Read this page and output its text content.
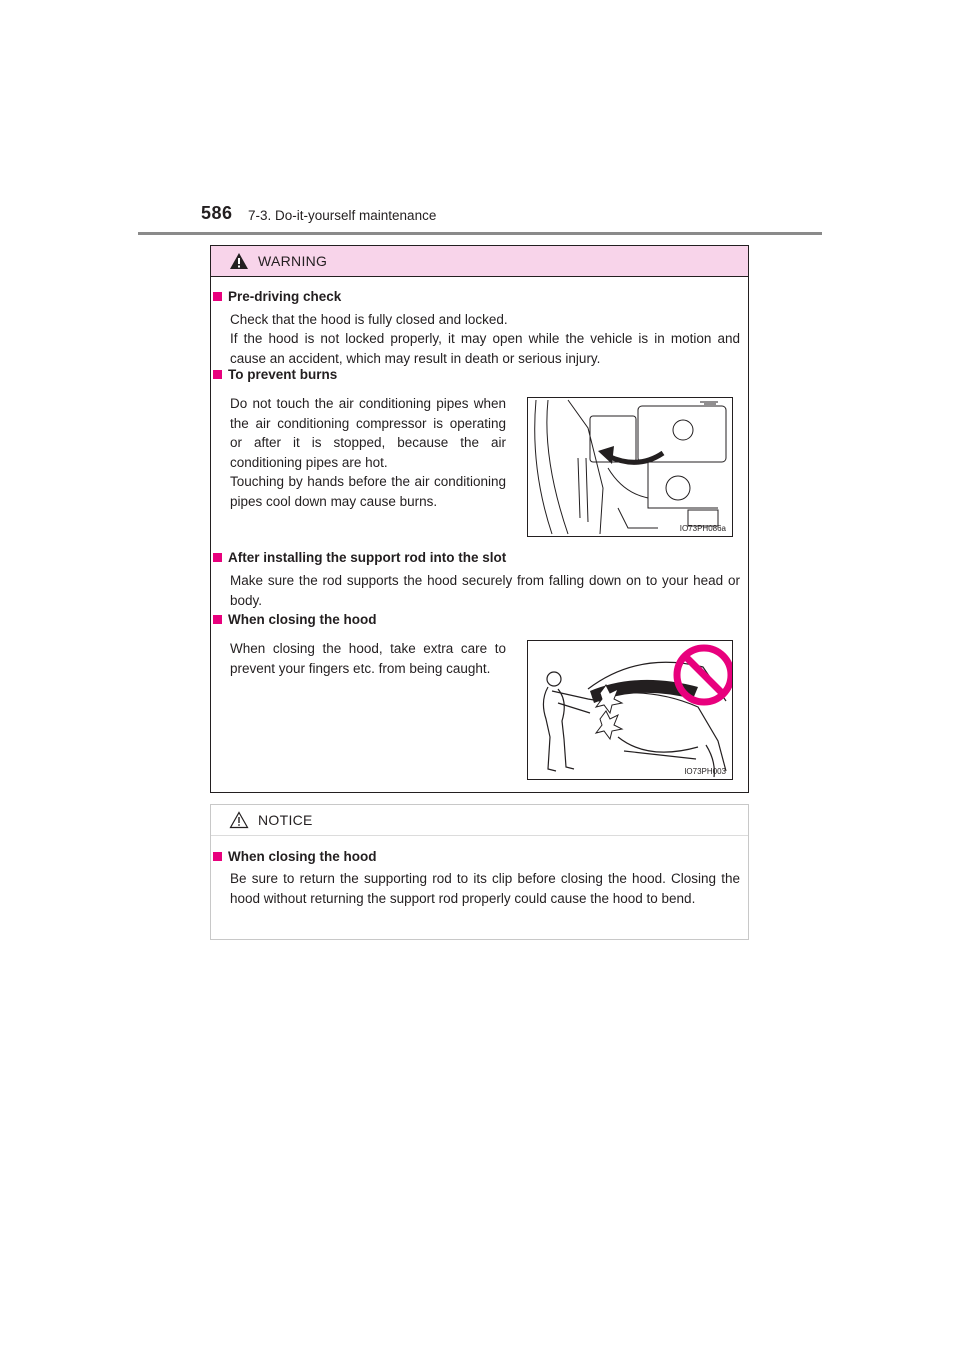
586 7-3. Do-it-yourself maintenance
WARNING
Pre-driving check
Check that the hood is fully closed and locked.
If the hood is not locked properly, it may open while the vehicle is in motion and cause an accident, which may result in death or serious injury.
To prevent burns
Do not touch the air conditioning pipes when the air conditioning compressor is operating or after it is stopped, because the air conditioning pipes are hot.
Touching by hands before the air conditioning pipes cool down may cause burns.
IO73PH086a
After installing the support rod into the slot
Make sure the rod supports the hood securely from falling down on to your head or body.
When closing the hood
When closing the hood, take extra care to prevent your fingers etc. from being caught.
IO73PH003
NOTICE
When closing the hood
Be sure to return the supporting rod to its clip before closing the hood. Closing the hood without returning the support rod properly could cause the hood to bend.
